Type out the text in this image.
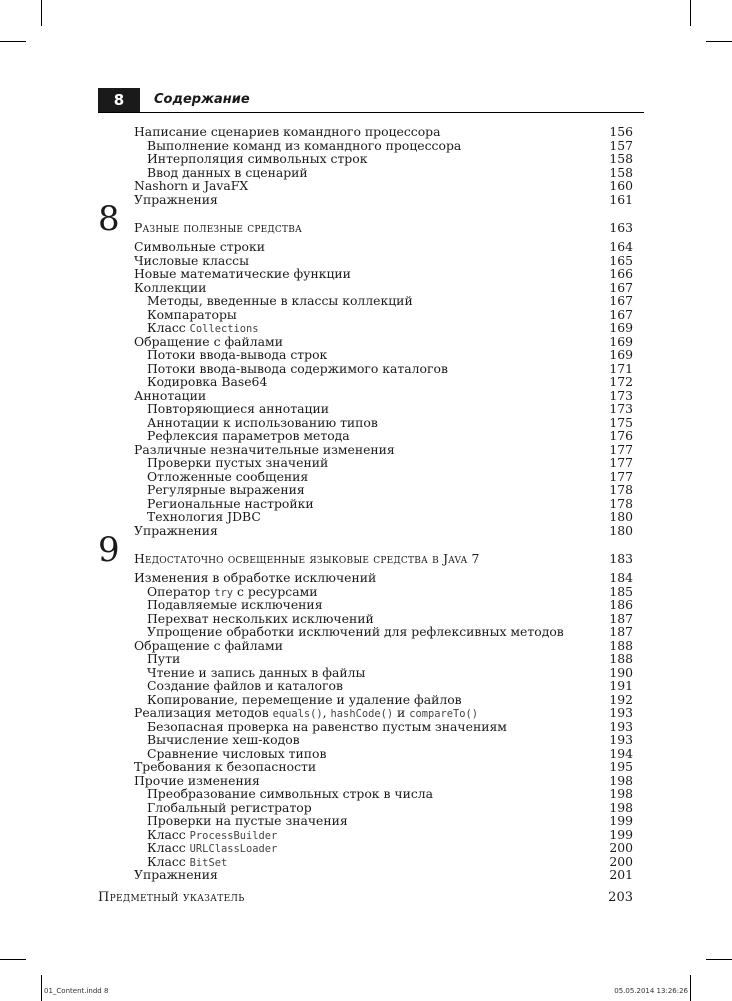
8	Содержание
Написание сценариев командного процессора	156
Выполнение команд из командного процессора	157
Интерполяция символьных строк	158
Ввод данных в сценарий	158
Nashorn и JavaFX	160
Упражнения	161
8 Разные полезные средства	163
Символьные строки	164
Числовые классы	165
Новые математические функции	166
Коллекции	167
Методы, введенные в классы коллекций	167
Компараторы	167
Класс Collections	169
Обращение с файлами	169
Потоки ввода-вывода строк	169
Потоки ввода-вывода содержимого каталогов	171
Кодировка Base64	172
Аннотации	173
Повторяющиеся аннотации	173
Аннотации к использованию типов	175
Рефлексия параметров метода	176
Различные незначительные изменения	177
Проверки пустых значений	177
Отложенные сообщения	177
Регулярные выражения	178
Региональные настройки	178
Технология JDBC	180
Упражнения	180
9 Недостаточно освещенные языковые средства в Java 7	183
Изменения в обработке исключений	184
Оператор try с ресурсами	185
Подавляемые исключения	186
Перехват нескольких исключений	187
Упрощение обработки исключений для рефлексивных методов	187
Обращение с файлами	188
Пути	188
Чтение и запись данных в файлы	190
Создание файлов и каталогов	191
Копирование, перемещение и удаление файлов	192
Реализация методов equals(), hashCode() и compareTo()	193
Безопасная проверка на равенство пустым значениям	193
Вычисление хеш-кодов	193
Сравнение числовых типов	194
Требования к безопасности	195
Прочие изменения	198
Преобразование символьных строк в числа	198
Глобальный регистратор	198
Проверки на пустые значения	199
Класс ProcessBuilder	199
Класс URLClassLoader	200
Класс BitSet	200
Упражнения	201
Предметный указатель	203
01_Content.indd 8	05.05.2014 13:26:26
